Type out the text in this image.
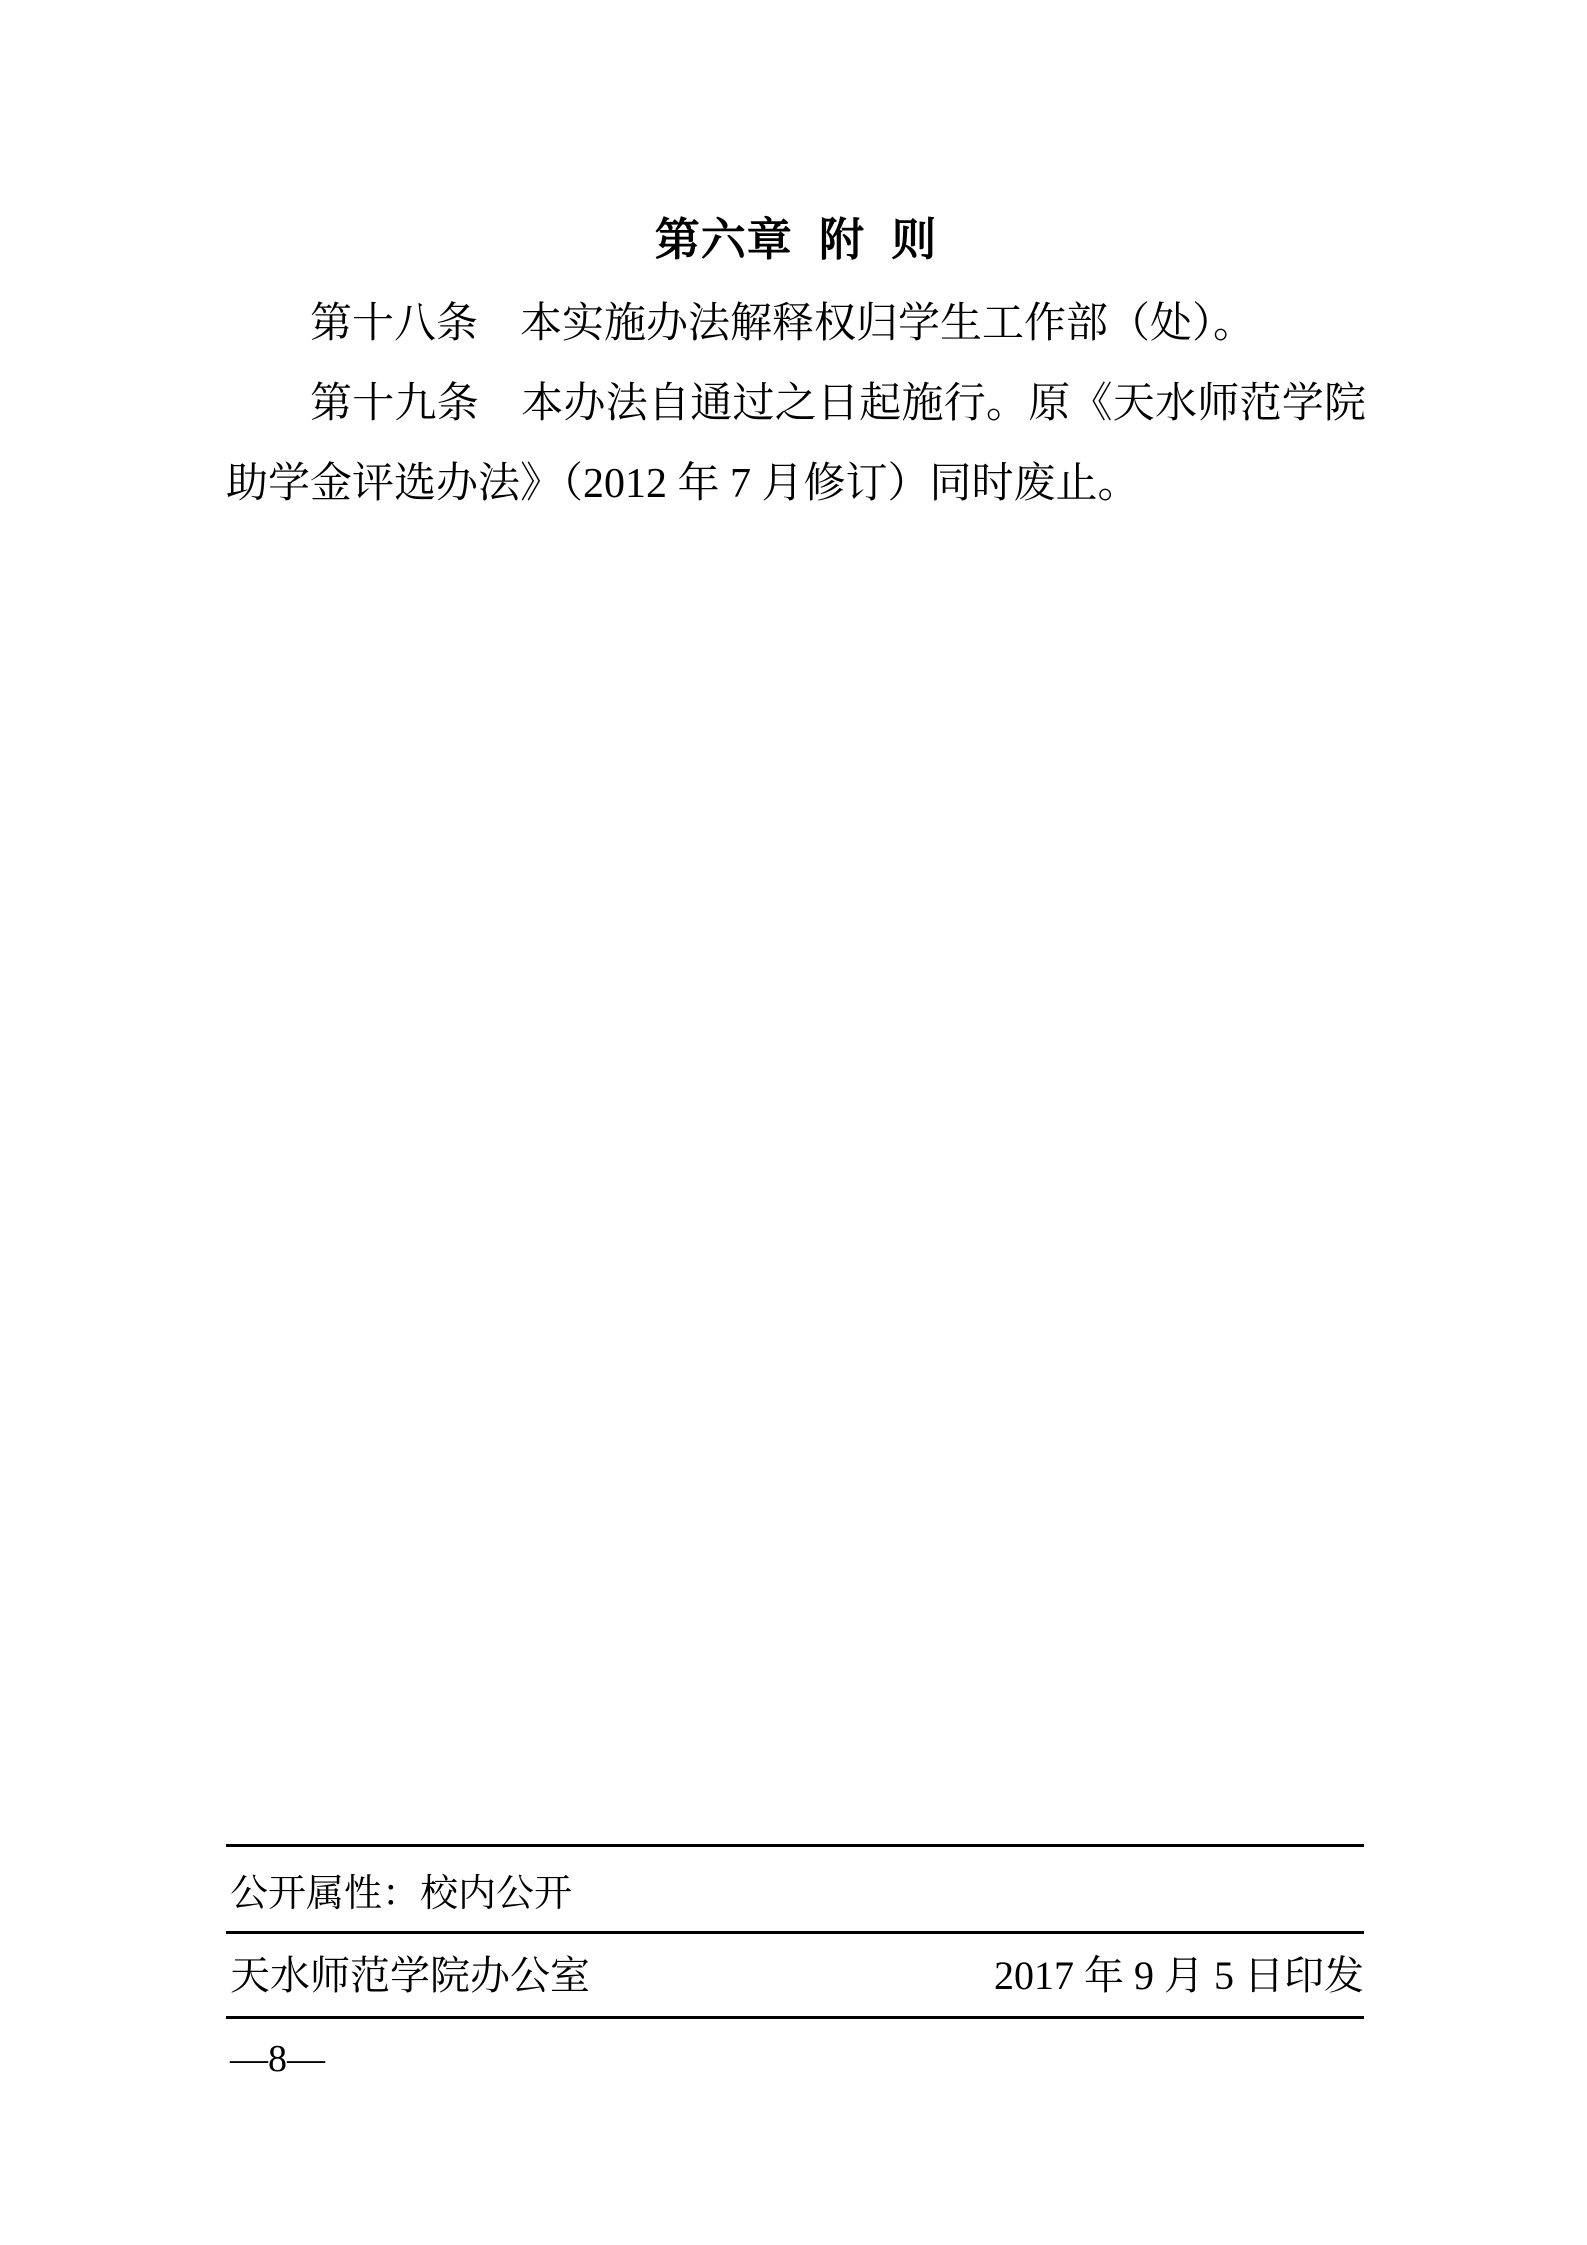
第六章 附 则

第十八条　本实施办法解释权归学生工作部（处）。

第十九条　本办法自通过之日起施行。原《天水师范学院助学金评选办法》（2012 年 7 月修订）同时废止。

公开属性：校内公开
天水师范学院办公室	2017 年 9 月 5 日印发
—8—
